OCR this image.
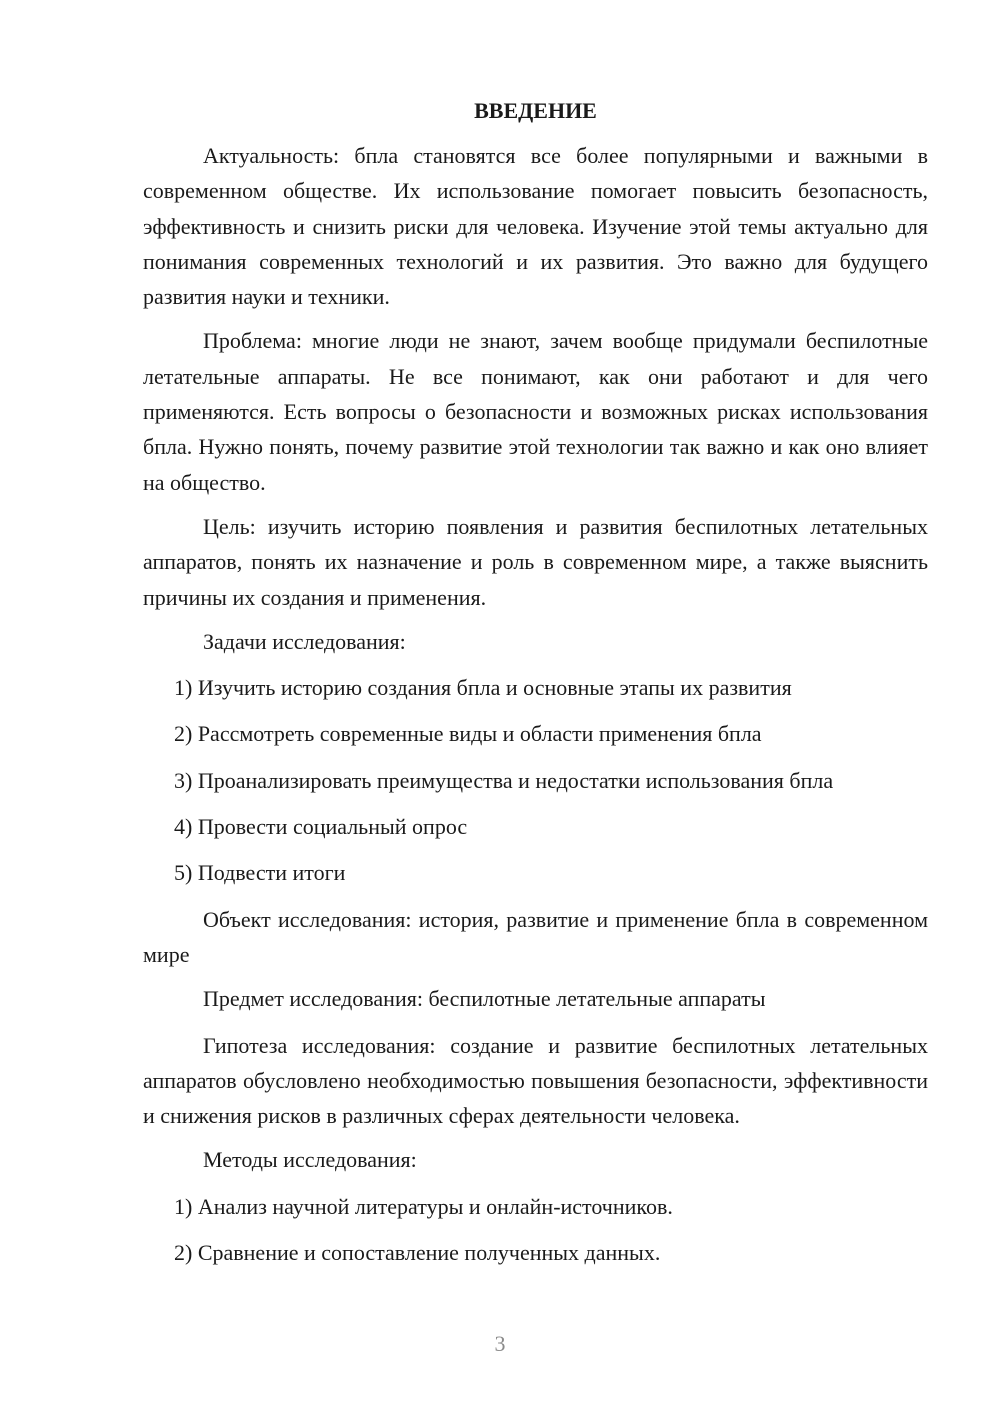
ВВЕДЕНИЕ

Актуальность: бпла становятся все более популярными и важными в современном обществе. Их использование помогает повысить безопасность, эффективность и снизить риски для человека. Изучение этой темы актуально для понимания современных технологий и их развития. Это важно для будущего развития науки и техники.

Проблема: многие люди не знают, зачем вообще придумали беспилотные летательные аппараты. Не все понимают, как они работают и для чего применяются. Есть вопросы о безопасности и возможных рисках использования бпла. Нужно понять, почему развитие этой технологии так важно и как оно влияет на общество.

Цель: изучить историю появления и развития беспилотных летательных аппаратов, понять их назначение и роль в современном мире, а также выяснить причины их создания и применения.

Задачи исследования:

1) Изучить историю создания бпла и основные этапы их развития
2) Рассмотреть современные виды и области применения бпла
3) Проанализировать преимущества и недостатки использования бпла
4) Провести социальный опрос
5) Подвести итоги

Объект исследования: история, развитие и применение бпла в современном мире

Предмет исследования: беспилотные летательные аппараты

Гипотеза исследования: создание и развитие беспилотных летательных аппаратов обусловлено необходимостью повышения безопасности, эффективности и снижения рисков в различных сферах деятельности человека.

Методы исследования:

1) Анализ научной литературы и онлайн-источников.
2) Сравнение и сопоставление полученных данных.
3
